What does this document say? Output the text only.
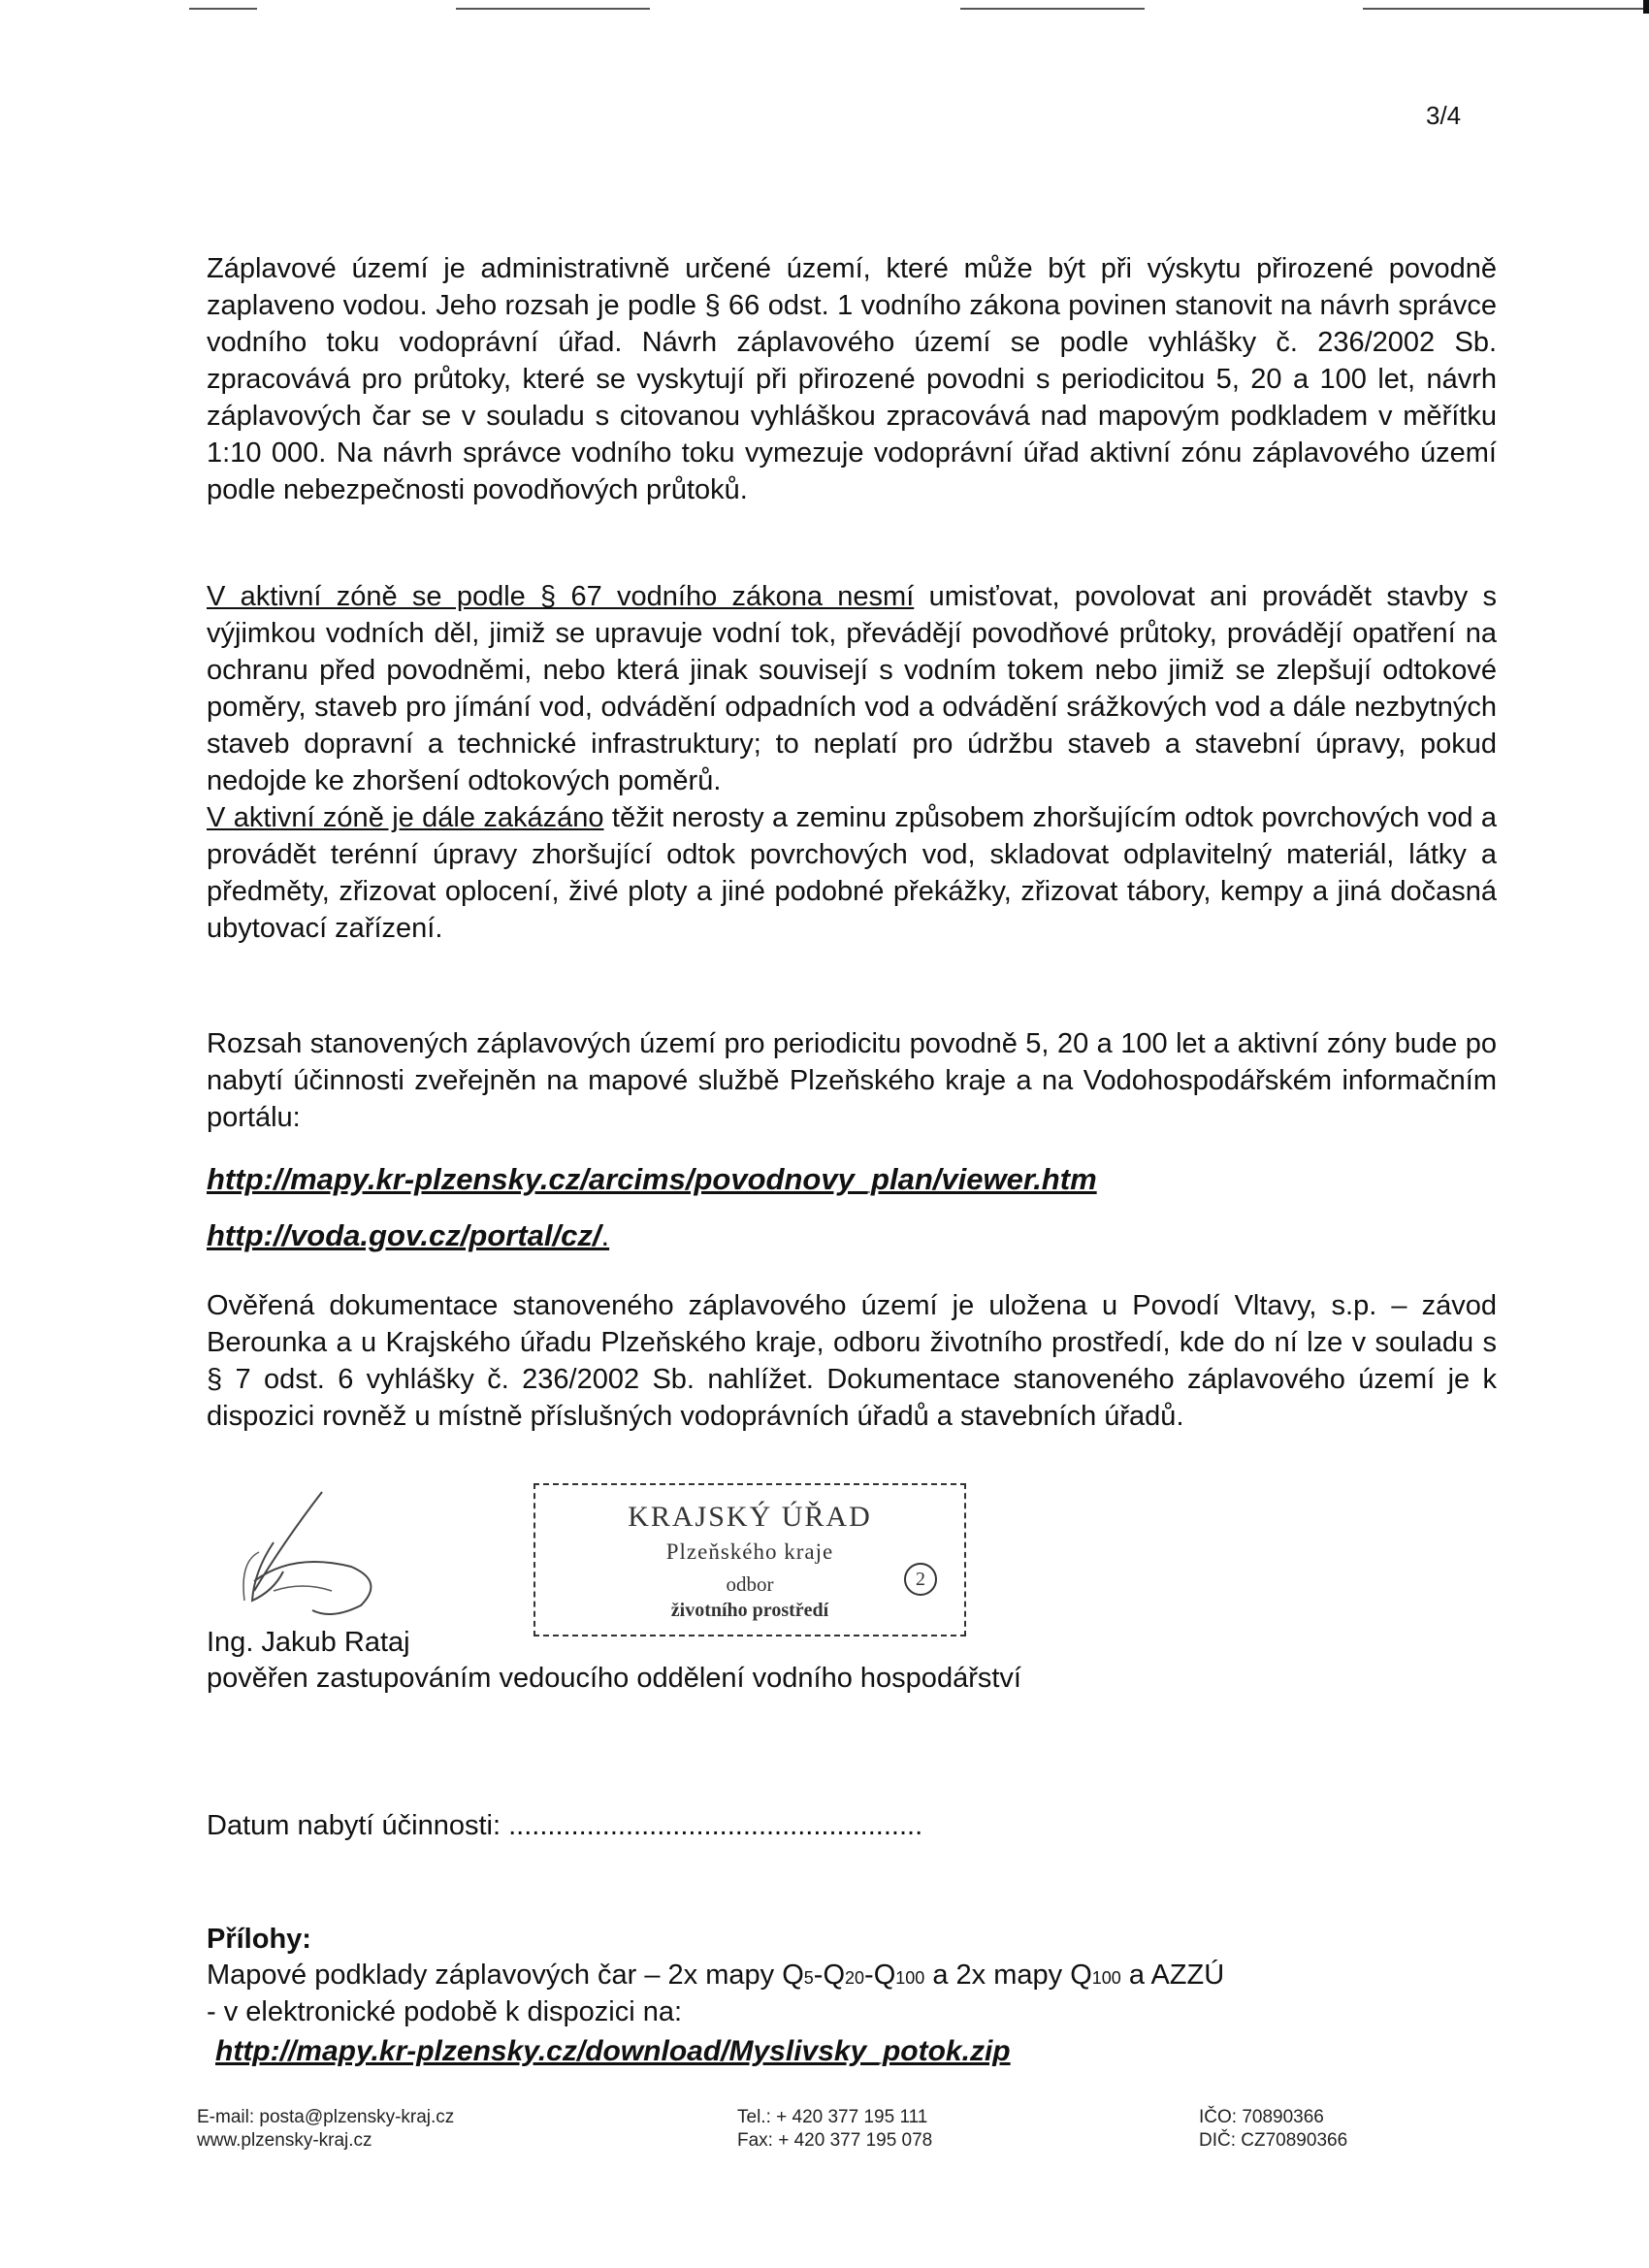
3/4
Záplavové území je administrativně určené území, které může být při výskytu přirozené povodně zaplaveno vodou. Jeho rozsah je podle § 66 odst. 1 vodního zákona povinen stanovit na návrh správce vodního toku vodoprávní úřad. Návrh záplavového území se podle vyhlášky č. 236/2002 Sb. zpracovává pro průtoky, které se vyskytují při přirozené povodni s periodicitou 5, 20 a 100 let, návrh záplavových čar se v souladu s citovanou vyhláškou zpracovává nad mapovým podkladem v měřítku 1:10 000. Na návrh správce vodního toku vymezuje vodoprávní úřad aktivní zónu záplavového území podle nebezpečnosti povodňových průtoků.
V aktivní zóně se podle § 67 vodního zákona nesmí umisťovat, povolovat ani provádět stavby s výjimkou vodních děl, jimiž se upravuje vodní tok, převádějí povodňové průtoky, provádějí opatření na ochranu před povodněmi, nebo která jinak souvisejí s vodním tokem nebo jimiž se zlepšují odtokové poměry, staveb pro jímání vod, odvádění odpadních vod a odvádění srážkových vod a dále nezbytných staveb dopravní a technické infrastruktury; to neplatí pro údržbu staveb a stavební úpravy, pokud nedojde ke zhoršení odtokových poměrů.
V aktivní zóně je dále zakázáno těžit nerosty a zeminu způsobem zhoršujícím odtok povrchových vod a provádět terénní úpravy zhoršující odtok povrchových vod, skladovat odplavitelný materiál, látky a předměty, zřizovat oplocení, živé ploty a jiné podobné překážky, zřizovat tábory, kempy a jiná dočasná ubytovací zařízení.
Rozsah stanovených záplavových území pro periodicitu povodně 5, 20 a 100 let a aktivní zóny bude po nabytí účinnosti zveřejněn na mapové službě Plzeňského kraje a na Vodohospodářském informačním portálu:
http://mapy.kr-plzensky.cz/arcims/povodnovy_plan/viewer.htm
http://voda.gov.cz/portal/cz/.
Ověřená dokumentace stanoveného záplavového území je uložena u Povodí Vltavy, s.p. – závod Berounka a u Krajského úřadu Plzeňského kraje, odboru životního prostředí, kde do ní lze v souladu s § 7 odst. 6 vyhlášky č. 236/2002 Sb. nahlížet. Dokumentace stanoveného záplavového území je k dispozici rovněž u místně příslušných vodoprávních úřadů a stavebních úřadů.
KRAJSKÝ ÚŘAD
Plzeňského kraje
odbor
životního prostředí
2
Ing. Jakub Rataj
pověřen zastupováním vedoucího oddělení vodního hospodářství
Datum nabytí účinnosti: .....................................................
Přílohy:
Mapové podklady záplavových čar – 2x mapy Q5-Q20-Q100 a 2x mapy Q100 a AZZÚ
- v elektronické podobě k dispozici na:
http://mapy.kr-plzensky.cz/download/Myslivsky_potok.zip
E-mail: posta@plzensky-kraj.cz
www.plzensky-kraj.cz
Tel.: + 420 377 195 111
Fax: + 420 377 195 078
IČO: 70890366
DIČ: CZ70890366
